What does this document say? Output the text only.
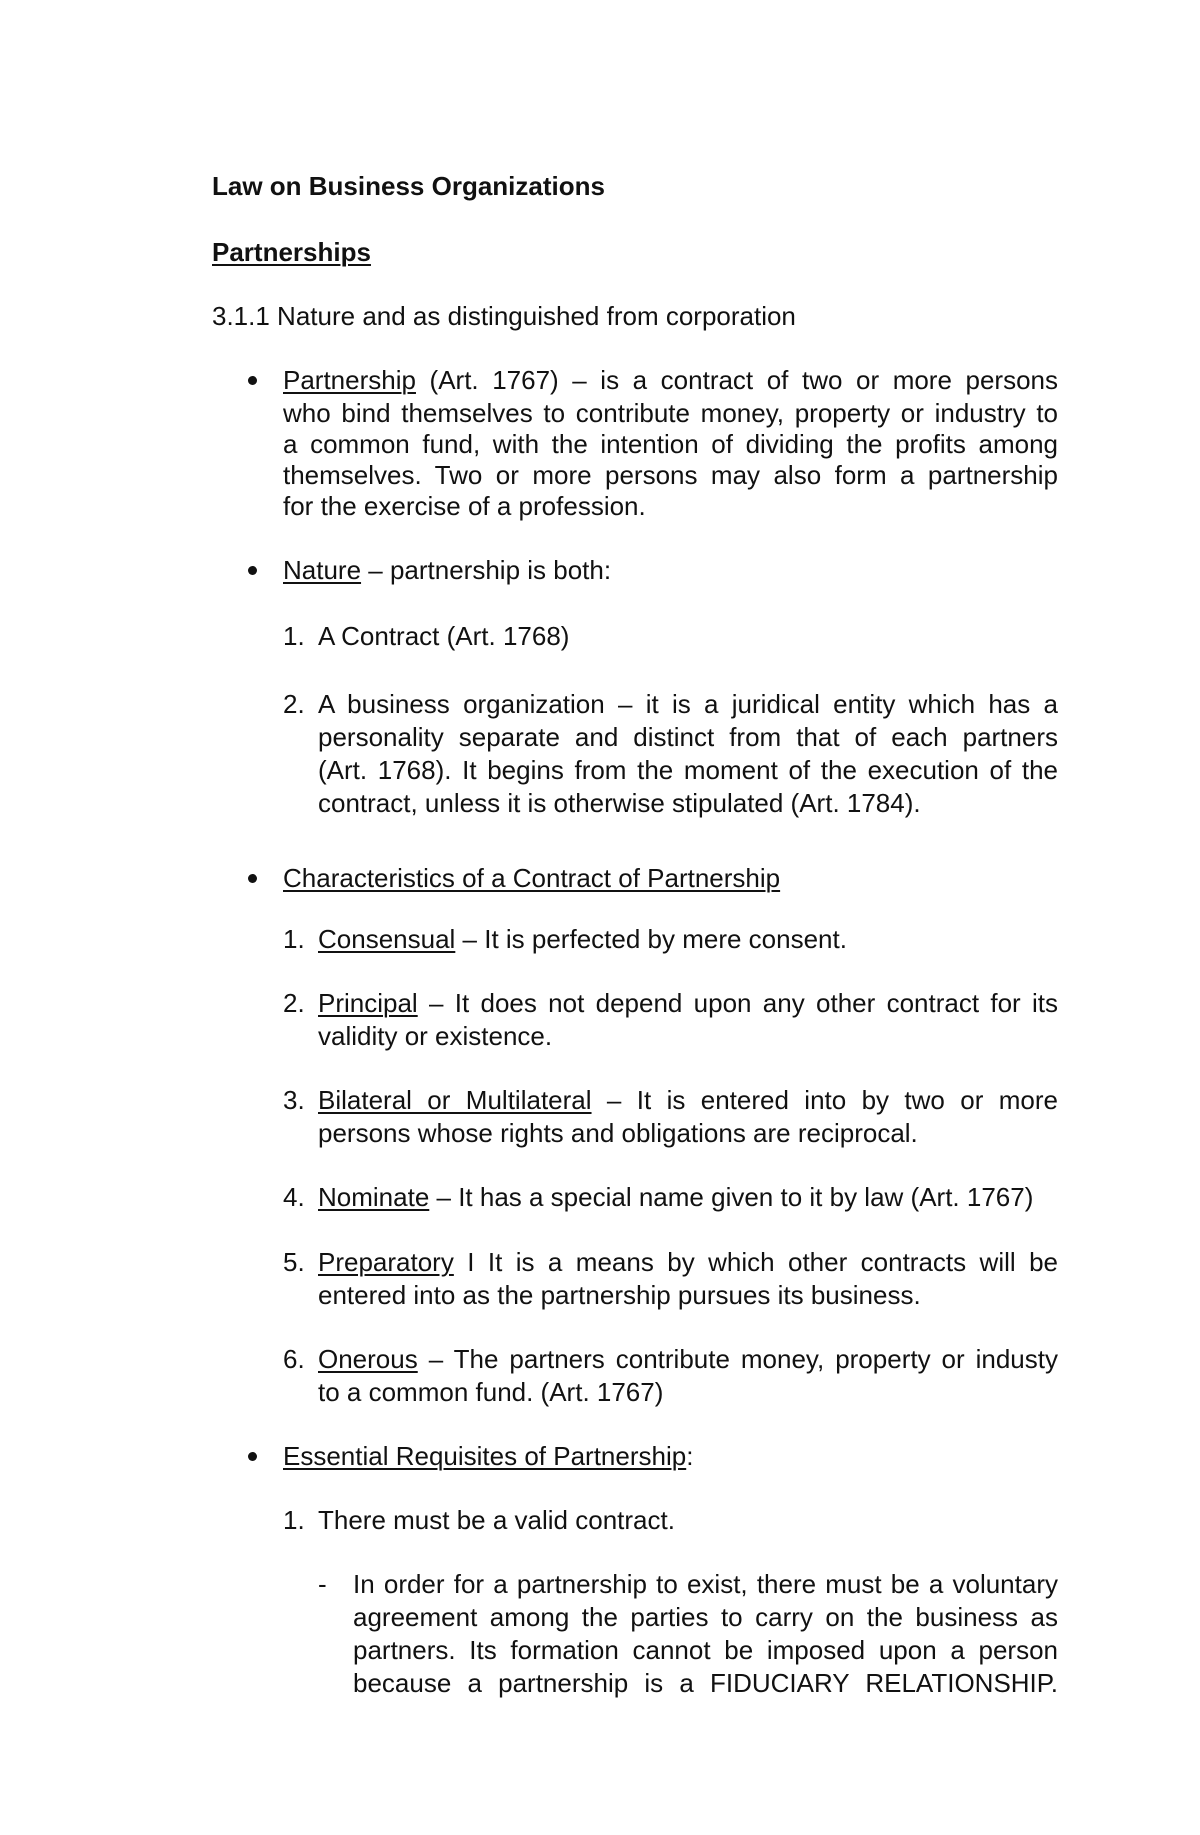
Law on Business Organizations
Partnerships
3.1.1 Nature and as distinguished from corporation
Partnership (Art. 1767) – is a contract of two or more persons
who bind themselves to contribute money, property or industry to
a common fund, with the intention of dividing the profits among
themselves. Two or more persons may also form a partnership
for the exercise of a profession.
Nature – partnership is both:
1. A Contract (Art. 1768)
2. A business organization – it is a juridical entity which has a
personality separate and distinct from that of each partners
(Art. 1768). It begins from the moment of the execution of the
contract, unless it is otherwise stipulated (Art. 1784).
Characteristics of a Contract of Partnership
1. Consensual – It is perfected by mere consent.
2. Principal – It does not depend upon any other contract for its
validity or existence.
3. Bilateral or Multilateral – It is entered into by two or more
persons whose rights and obligations are reciprocal.
4. Nominate – It has a special name given to it by law (Art. 1767)
5. Preparatory I It is a means by which other contracts will be
entered into as the partnership pursues its business.
6. Onerous – The partners contribute money, property or industy
to a common fund. (Art. 1767)
Essential Requisites of Partnership:
1. There must be a valid contract.
- In order for a partnership to exist, there must be a voluntary
agreement among the parties to carry on the business as
partners. Its formation cannot be imposed upon a person
because a partnership is a FIDUCIARY RELATIONSHIP.
